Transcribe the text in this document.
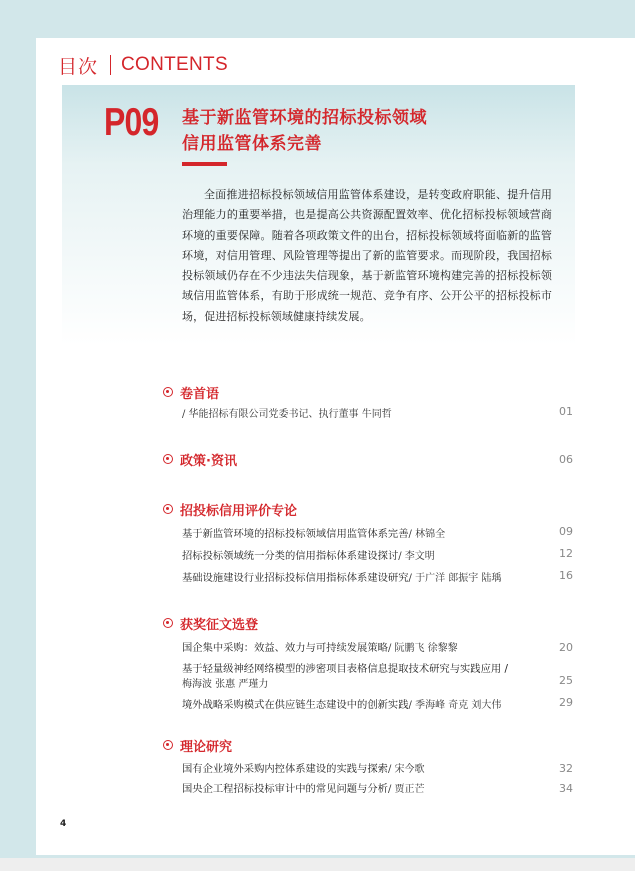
目次 CONTENTS
P09 基于新监管环境的招标投标领域
信用监管体系完善
全面推进招标投标领域信用监管体系建设，是转变政府职能、提升信用治理能力的重要举措，也是提高公共资源配置效率、优化招标投标领域营商环境的重要保障。随着各项政策文件的出台，招标投标领域将面临新的监管环境，对信用管理、风险管理等提出了新的监管要求。而现阶段，我国招标投标领域仍存在不少违法失信现象，基于新监管环境构建完善的招标投标领域信用监管体系，有助于形成统一规范、竞争有序、公开公平的招标投标市场，促进招标投标领域健康持续发展。
卷首语
/ 华能招标有限公司党委书记、执行董事 牛同哲	01
政策·资讯	06
招投标信用评价专论
基于新监管环境的招标投标领域信用监管体系完善/ 林锦全	09
招标投标领域统一分类的信用指标体系建设探讨/ 李文明	12
基础设施建设行业招标投标信用指标体系建设研究/ 于广洋 郎振宇 陆瑀	16
获奖征文选登
国企集中采购：效益、效力与可持续发展策略/ 阮鹏飞 徐黎黎	20
基于轻量级神经网络模型的涉密项目表格信息提取技术研究与实践应用 /
梅海波 张惠 严瑾力	25
境外战略采购模式在供应链生态建设中的创新实践/ 季海峰 奇克 刘大伟	29
理论研究
国有企业境外采购内控体系建设的实践与探索/ 宋今歌	32
国央企工程招标投标审计中的常见问题与分析/ 贾正芒	34
4
